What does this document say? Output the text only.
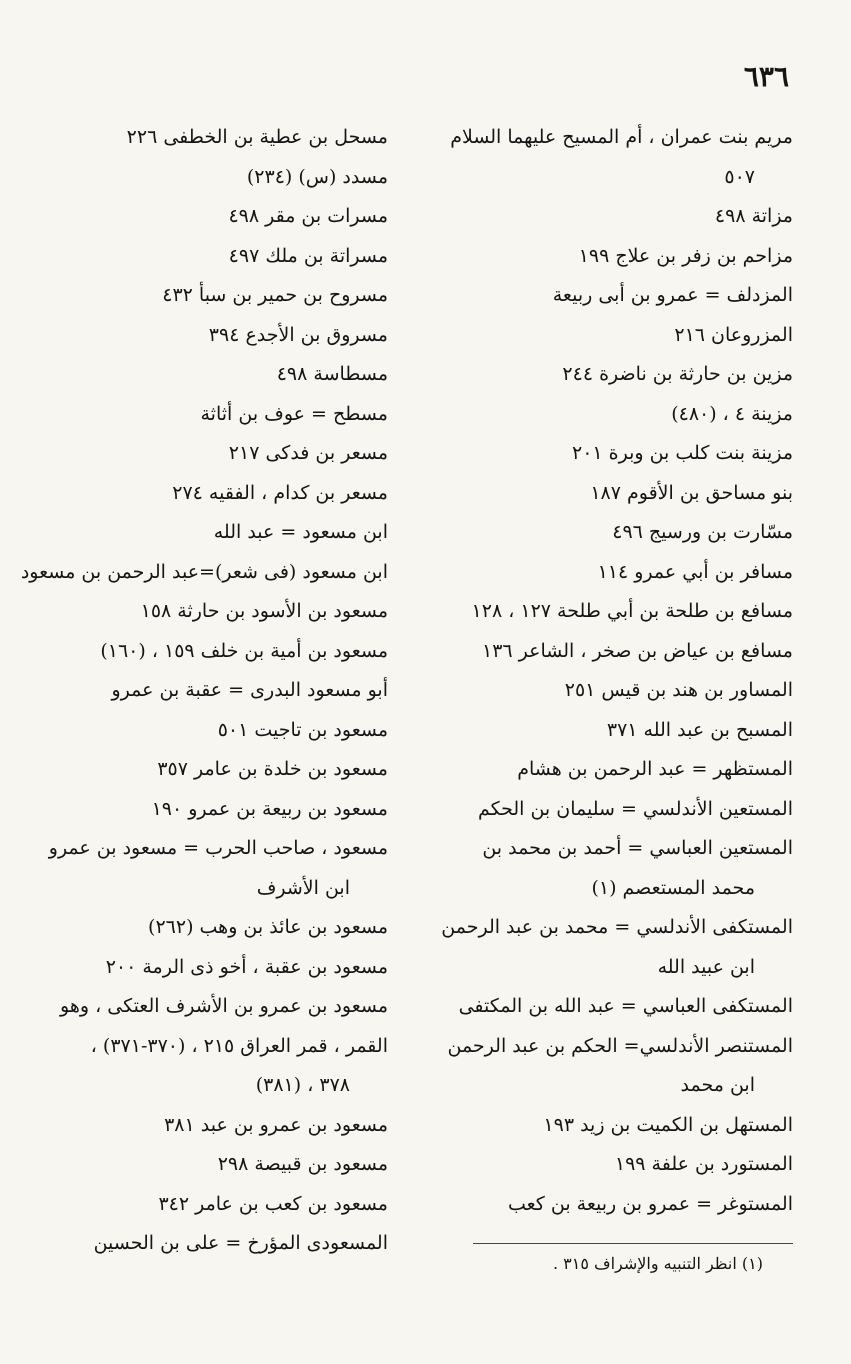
٦٣٦
مريم بنت عمران ، أم المسيح عليهما السلام
٥٠٧
مزاتة ٤٩٨
مزاحم بن زفر بن علاج ١٩٩
المزدلف = عمرو بن أبى ربيعة
المزروعان ٢١٦
مزين بن حارثة بن ناضرة ٢٤٤
مزينة ٤ ، (٤٨٠)
مزينة بنت كلب بن وبرة ٢٠١
بنو مساحق بن الأقوم ١٨٧
مسّارت بن ورسيج ٤٩٦
مسافر بن أبي عمرو ١١٤
مسافع بن طلحة بن أبي طلحة ١٢٧ ، ١٢٨
مسافع بن عياض بن صخر ، الشاعر ١٣٦
المساور بن هند بن قيس ٢٥١
المسبح بن عبد الله ٣٧١
المستظهر = عبد الرحمن بن هشام
المستعين الأندلسي = سليمان بن الحكم
المستعين العباسي = أحمد بن محمد بن
محمد المستعصم (١)
المستكفى الأندلسي = محمد بن عبد الرحمن
ابن عبيد الله
المستكفى العباسي = عبد الله بن المكتفى
المستنصر الأندلسي= الحكم بن عبد الرحمن
ابن محمد
المستهل بن الكميت بن زيد ١٩٣
المستورد بن علفة ١٩٩
المستوغر = عمرو بن ربيعة بن كعب
مسحل بن عطية بن الخطفى ٢٢٦
مسدد (س) (٢٣٤)
مسرات بن مقر ٤٩٨
مسراتة بن ملك ٤٩٧
مسروح بن حمير بن سبأ ٤٣٢
مسروق بن الأجدع ٣٩٤
مسطاسة ٤٩٨
مسطح = عوف بن أثاثة
مسعر بن فدكى ٢١٧
مسعر بن كدام ، الفقيه ٢٧٤
ابن مسعود = عبد الله
ابن مسعود (فى شعر)=عبد الرحمن بن مسعود
مسعود بن الأسود بن حارثة ١٥٨
مسعود بن أمية بن خلف ١٥٩ ، (١٦٠)
أبو مسعود البدرى = عقبة بن عمرو
مسعود بن تاجيت ٥٠١
مسعود بن خلدة بن عامر ٣٥٧
مسعود بن ربيعة بن عمرو ١٩٠
مسعود ، صاحب الحرب = مسعود بن عمرو
ابن الأشرف
مسعود بن عائذ بن وهب (٢٦٢)
مسعود بن عقبة ، أخو ذى الرمة ٢٠٠
مسعود بن عمرو بن الأشرف العتكى ، وهو
القمر ، قمر العراق ٢١٥ ، (٣٧٠-٣٧١) ،
٣٧٨ ، (٣٨١)
مسعود بن عمرو بن عبد ٣٨١
مسعود بن قبيصة ٢٩٨
مسعود بن كعب بن عامر ٣٤٢
المسعودى المؤرخ = على بن الحسين
(١) انظر التنبيه والإشراف ٣١٥ .
